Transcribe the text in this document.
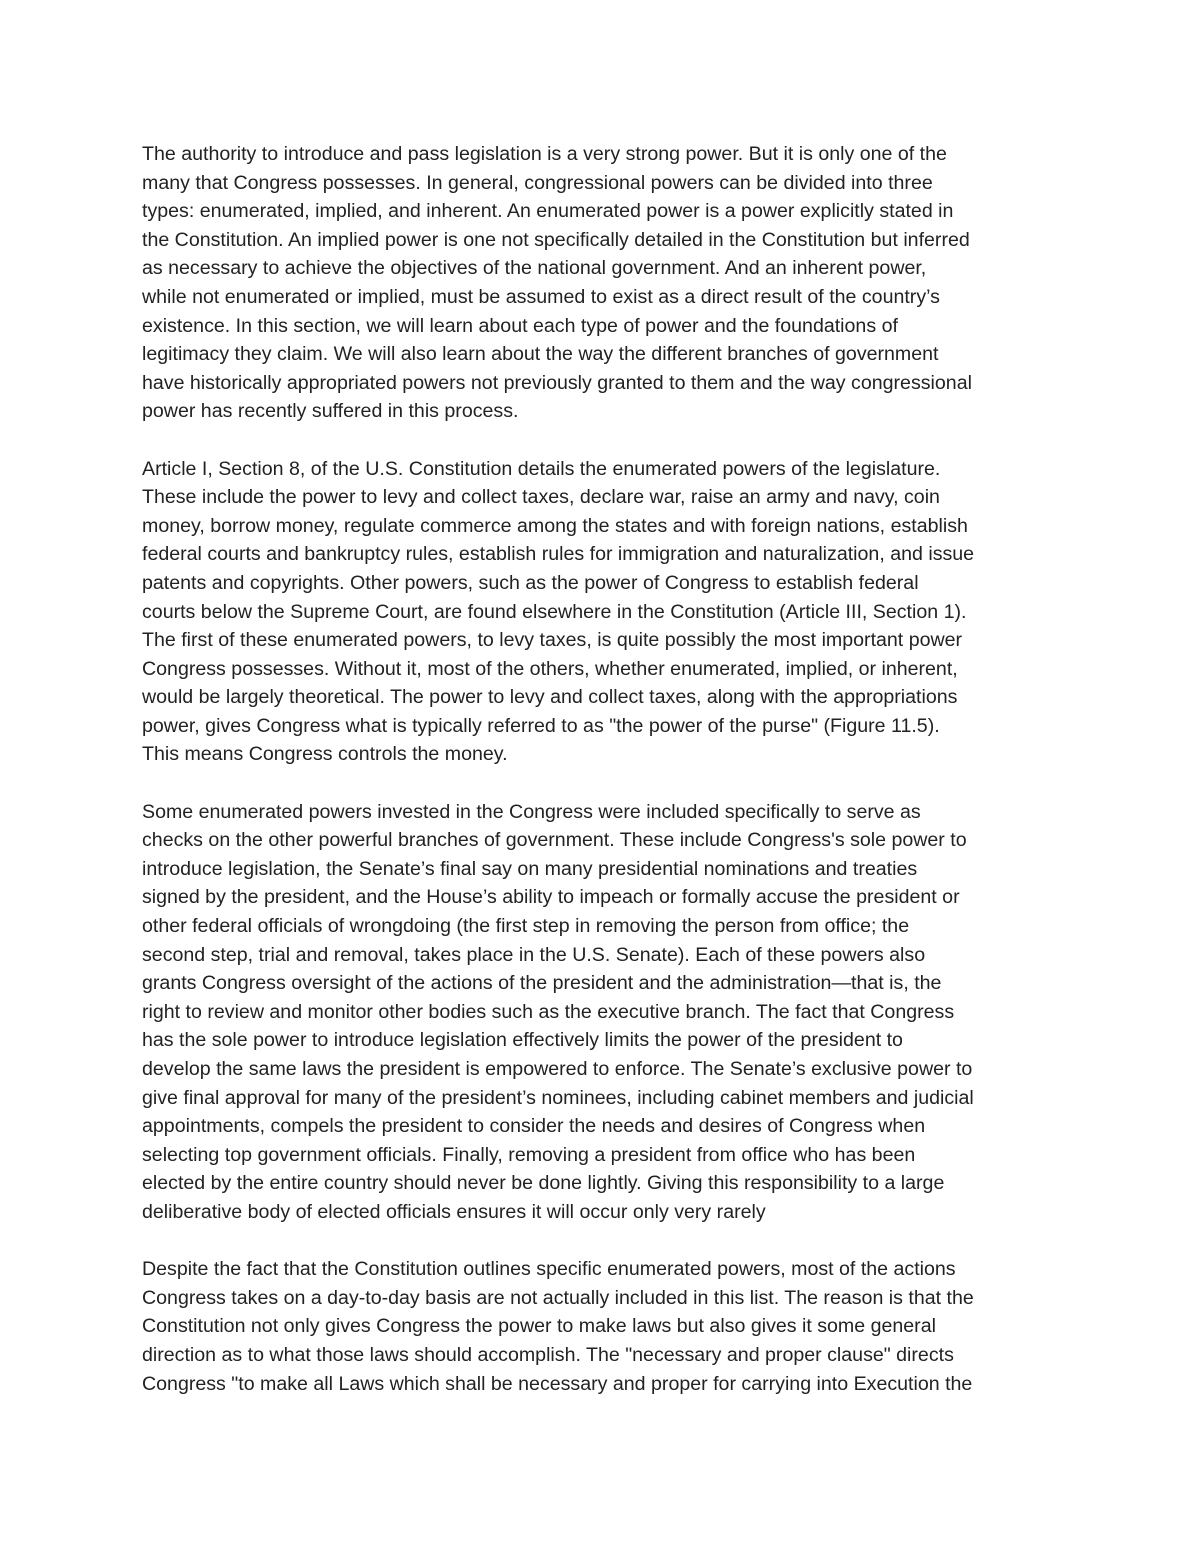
The authority to introduce and pass legislation is a very strong power. But it is only one of the
many that Congress possesses. In general, congressional powers can be divided into three
types: enumerated, implied, and inherent. An enumerated power is a power explicitly stated in
the Constitution. An implied power is one not specifically detailed in the Constitution but inferred
as necessary to achieve the objectives of the national government. And an inherent power,
while not enumerated or implied, must be assumed to exist as a direct result of the country’s
existence. In this section, we will learn about each type of power and the foundations of
legitimacy they claim. We will also learn about the way the different branches of government
have historically appropriated powers not previously granted to them and the way congressional
power has recently suffered in this process.

Article I, Section 8, of the U.S. Constitution details the enumerated powers of the legislature.
These include the power to levy and collect taxes, declare war, raise an army and navy, coin
money, borrow money, regulate commerce among the states and with foreign nations, establish
federal courts and bankruptcy rules, establish rules for immigration and naturalization, and issue
patents and copyrights. Other powers, such as the power of Congress to establish federal
courts below the Supreme Court, are found elsewhere in the Constitution (Article III, Section 1).
The first of these enumerated powers, to levy taxes, is quite possibly the most important power
Congress possesses. Without it, most of the others, whether enumerated, implied, or inherent,
would be largely theoretical. The power to levy and collect taxes, along with the appropriations
power, gives Congress what is typically referred to as "the power of the purse" (Figure 11.5).
This means Congress controls the money.

Some enumerated powers invested in the Congress were included specifically to serve as
checks on the other powerful branches of government. These include Congress's sole power to
introduce legislation, the Senate’s final say on many presidential nominations and treaties
signed by the president, and the House’s ability to impeach or formally accuse the president or
other federal officials of wrongdoing (the first step in removing the person from office; the
second step, trial and removal, takes place in the U.S. Senate). Each of these powers also
grants Congress oversight of the actions of the president and the administration—that is, the
right to review and monitor other bodies such as the executive branch. The fact that Congress
has the sole power to introduce legislation effectively limits the power of the president to
develop the same laws the president is empowered to enforce. The Senate’s exclusive power to
give final approval for many of the president’s nominees, including cabinet members and judicial
appointments, compels the president to consider the needs and desires of Congress when
selecting top government officials. Finally, removing a president from office who has been
elected by the entire country should never be done lightly. Giving this responsibility to a large
deliberative body of elected officials ensures it will occur only very rarely

Despite the fact that the Constitution outlines specific enumerated powers, most of the actions
Congress takes on a day-to-day basis are not actually included in this list. The reason is that the
Constitution not only gives Congress the power to make laws but also gives it some general
direction as to what those laws should accomplish. The "necessary and proper clause" directs
Congress "to make all Laws which shall be necessary and proper for carrying into Execution the
